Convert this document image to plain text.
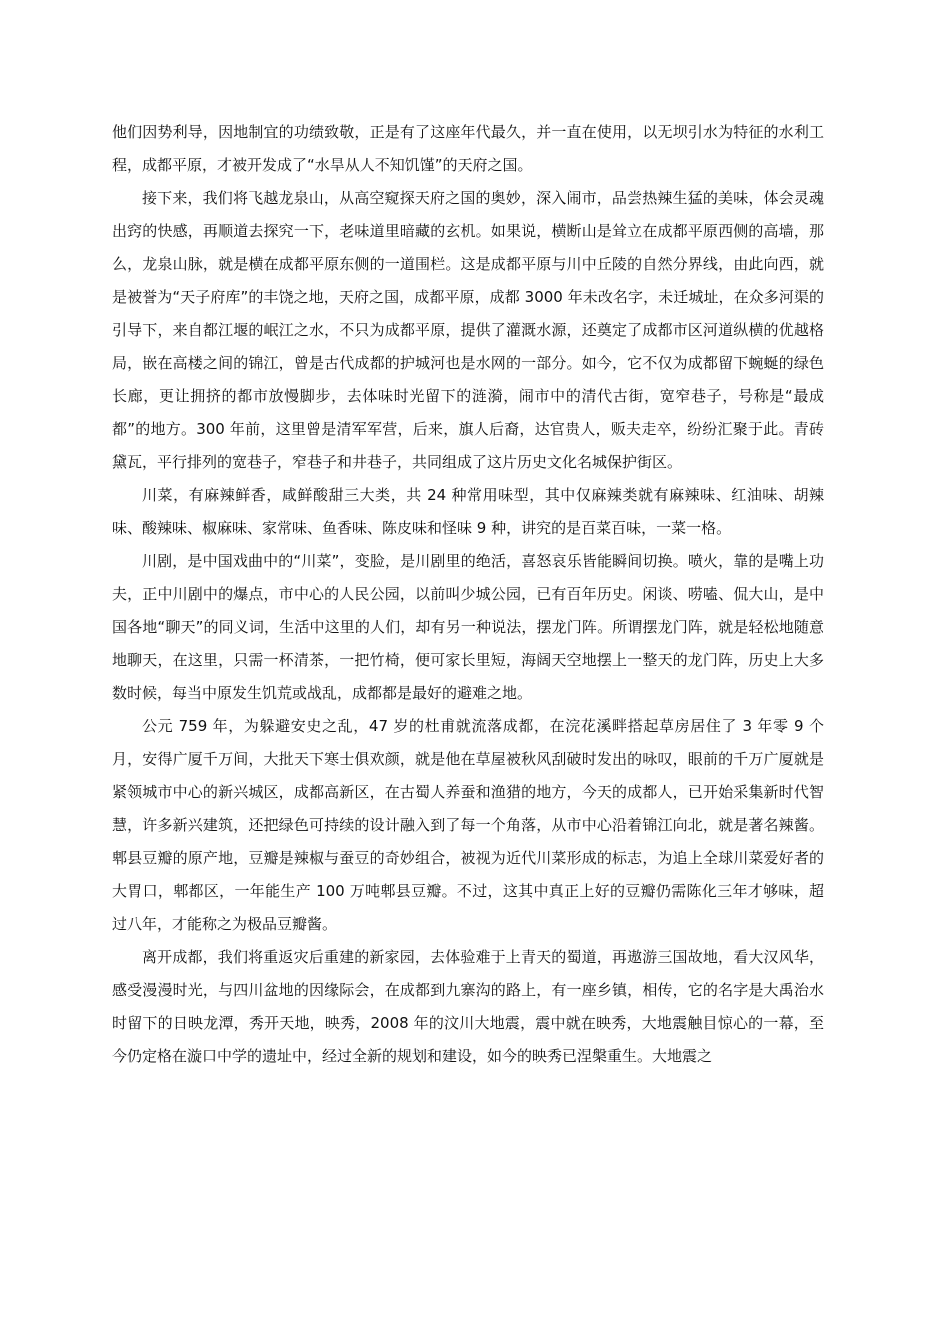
他们因势利导，因地制宜的功绩致敬，正是有了这座年代最久，并一直在使用，以无坝引水为特征的水利工程，成都平原，才被开发成了“水旱从人不知饥馑”的天府之国。

接下来，我们将飞越龙泉山，从高空窥探天府之国的奥妙，深入闹市，品尝热辣生猛的美味，体会灵魂出窍的快感，再顺道去探究一下，老味道里暗藏的玄机。如果说，横断山是耸立在成都平原西侧的高墙，那么，龙泉山脉，就是横在成都平原东侧的一道围栏。这是成都平原与川中丘陵的自然分界线，由此向西，就是被誉为“天子府库”的丰饶之地，天府之国，成都平原，成都 3000 年未改名字，未迁城址，在众多河渠的引导下，来自都江堰的岷江之水，不只为成都平原，提供了灌溉水源，还奠定了成都市区河道纵横的优越格局，嵌在高楼之间的锦江，曾是古代成都的护城河也是水网的一部分。如今，它不仅为成都留下蜿蜒的绿色长廊，更让拥挤的都市放慢脚步，去体味时光留下的涟漪，闹市中的清代古街，宽窄巷子，号称是“最成都”的地方。300 年前，这里曾是清军军营，后来，旗人后裔，达官贵人，贩夫走卒，纷纷汇聚于此。青砖黛瓦，平行排列的宽巷子，窄巷子和井巷子，共同组成了这片历史文化名城保护街区。

川菜，有麻辣鲜香，咸鲜酸甜三大类，共 24 种常用味型，其中仅麻辣类就有麻辣味、红油味、胡辣味、酸辣味、椒麻味、家常味、鱼香味、陈皮味和怪味 9 种，讲究的是百菜百味，一菜一格。

川剧，是中国戏曲中的“川菜”，变脸，是川剧里的绝活，喜怒哀乐皆能瞬间切换。喷火，靠的是嘴上功夫，正中川剧中的爆点，市中心的人民公园，以前叫少城公园，已有百年历史。闲谈、唠嗑、侃大山，是中国各地“聊天”的同义词，生活中这里的人们，却有另一种说法，摆龙门阵。所谓摆龙门阵，就是轻松地随意地聊天，在这里，只需一杯清茶，一把竹椅，便可家长里短，海阔天空地摆上一整天的龙门阵，历史上大多数时候，每当中原发生饥荒或战乱，成都都是最好的避难之地。

公元 759 年，为躲避安史之乱，47 岁的杜甫就流落成都，在浣花溪畔搭起草房居住了 3 年零 9 个月，安得广厦千万间，大批天下寒士俱欢颜，就是他在草屋被秋风刮破时发出的咏叹，眼前的千万广厦就是紧领城市中心的新兴城区，成都高新区，在古蜀人养蚕和渔猎的地方，今天的成都人，已开始采集新时代智慧，许多新兴建筑，还把绿色可持续的设计融入到了每一个角落，从市中心沿着锦江向北，就是著名辣酱。郫县豆瓣的原产地，豆瓣是辣椒与蚕豆的奇妙组合，被视为近代川菜形成的标志，为追上全球川菜爱好者的大胃口，郫都区，一年能生产 100 万吨郫县豆瓣。不过，这其中真正上好的豆瓣仍需陈化三年才够味，超过八年，才能称之为极品豆瓣酱。

离开成都，我们将重返灾后重建的新家园，去体验难于上青天的蜀道，再遨游三国故地，看大汉风华，感受漫漫时光，与四川盆地的因缘际会，在成都到九寨沟的路上，有一座乡镇，相传，它的名字是大禹治水时留下的日映龙潭，秀开天地，映秀，2008 年的汶川大地震，震中就在映秀，大地震触目惊心的一幕，至今仍定格在漩口中学的遗址中，经过全新的规划和建设，如今的映秀已涅槃重生。大地震之
